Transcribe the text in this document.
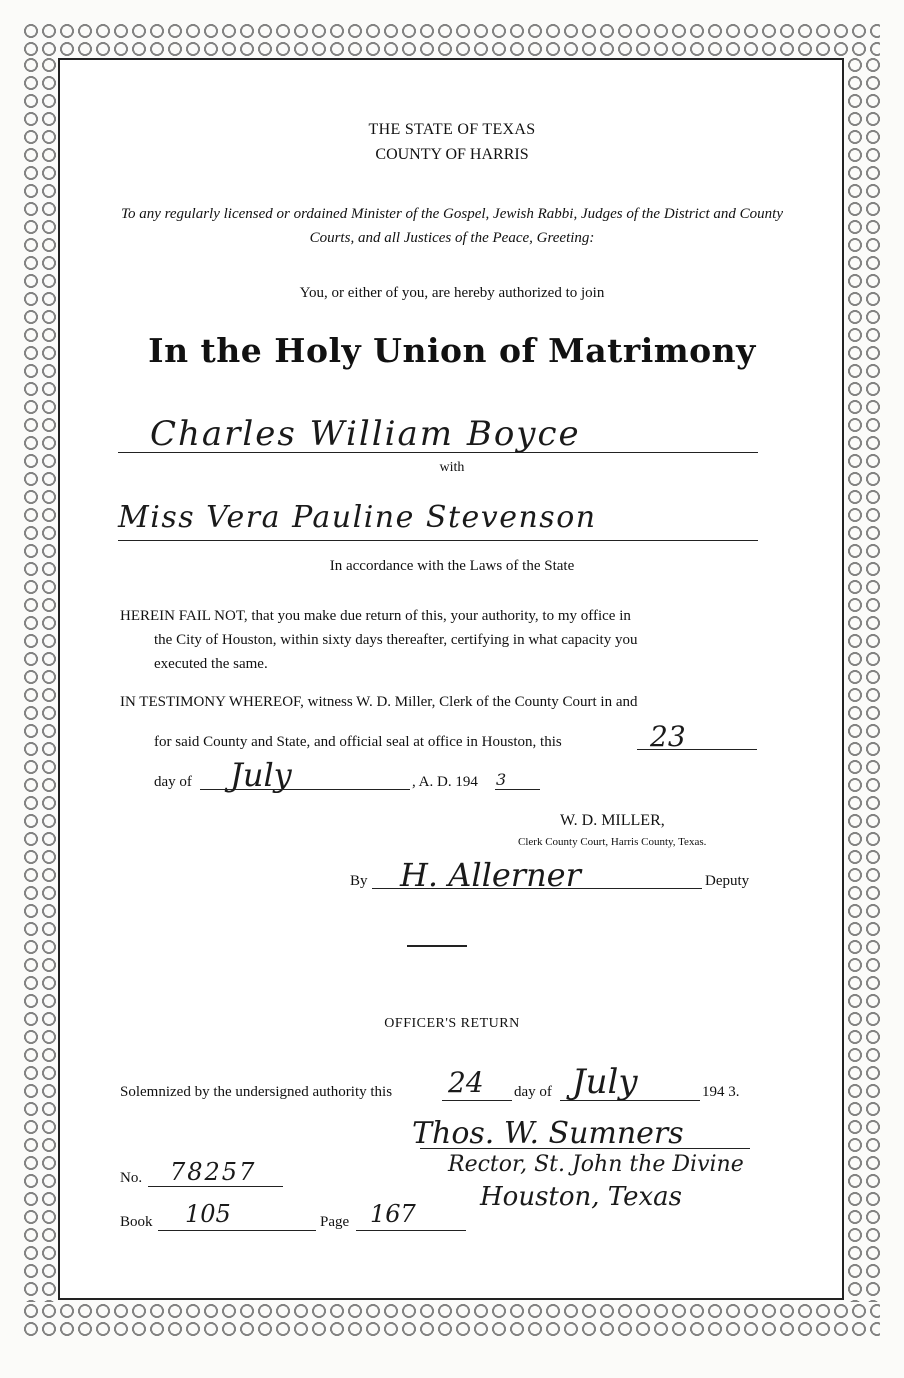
THE STATE OF TEXAS
COUNTY OF HARRIS
To any regularly licensed or ordained Minister of the Gospel, Jewish Rabbi, Judges of the District and County Courts, and all Justices of the Peace, Greeting:
You, or either of you, are hereby authorized to join
In the Holy Union of Matrimony
Charles William Boyce
with
Miss Vera Pauline Stevenson
In accordance with the Laws of the State
HEREIN FAIL NOT, that you make due return of this, your authority, to my office in
the City of Houston, within sixty days thereafter, certifying in what capacity you
executed the same.
IN TESTIMONY WHEREOF, witness W. D. Miller, Clerk of the County Court in and
for said County and State, and official seal at office in Houston, this	23
day of July	, A. D. 194 3
W. D. MILLER,
Clerk County Court, Harris County, Texas.
By H. Allerner	Deputy
OFFICER'S RETURN
Solemnized by the undersigned authority this 24 day of July	194 3.
Thos. W. Sumners
Rector, St. John the Divine
Houston, Texas
No. 78257
Book 105	Page 167
